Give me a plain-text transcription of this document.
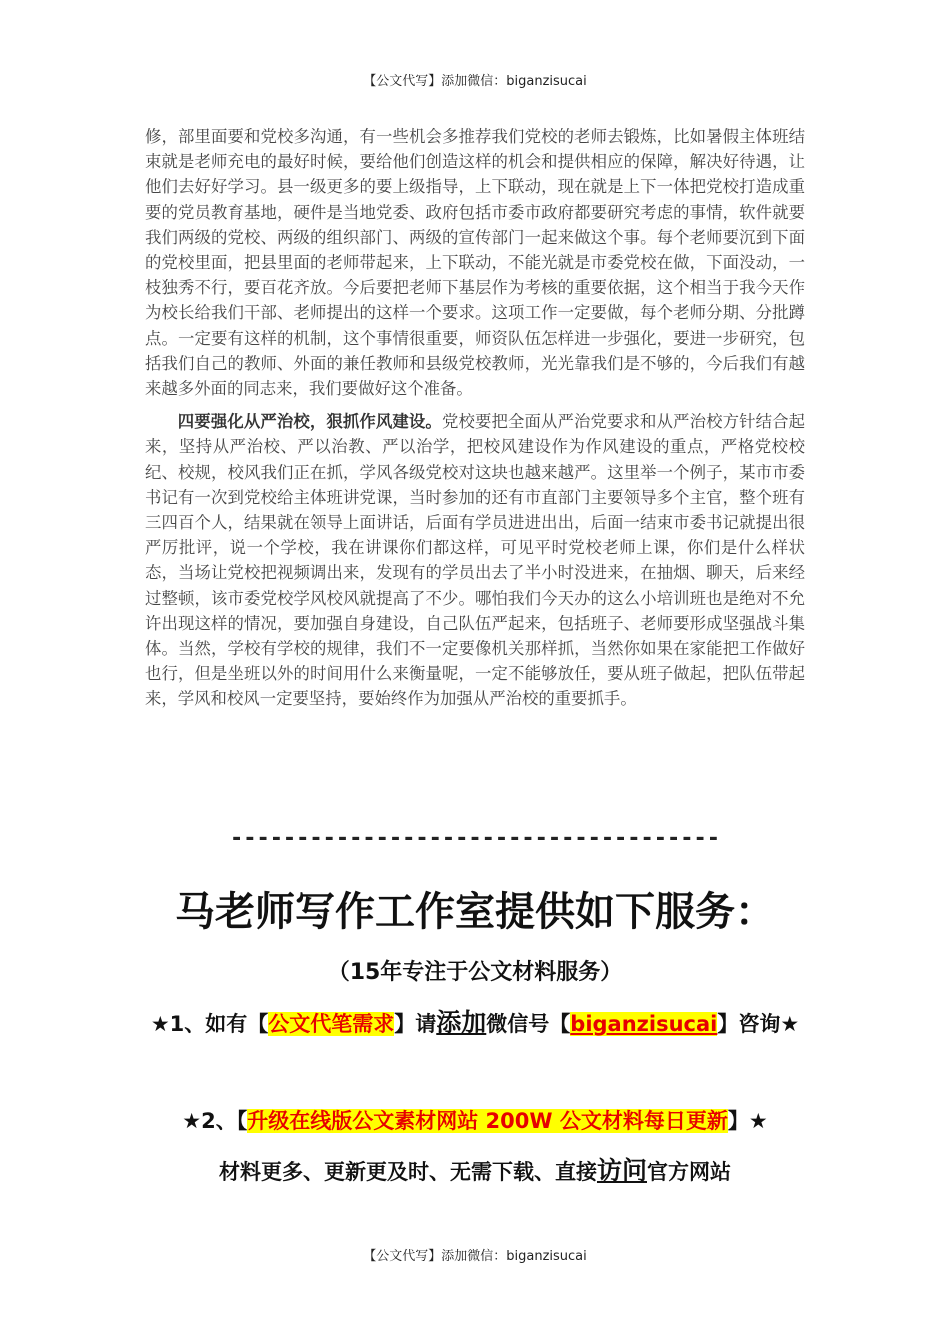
【公文代写】添加微信：biganzisucai

修，部里面要和党校多沟通，有一些机会多推荐我们党校的老师去锻炼，比如暑假主体班结束就是老师充电的最好时候，要给他们创造这样的机会和提供相应的保障，解决好待遇，让他们去好好学习。县一级更多的要上级指导，上下联动，现在就是上下一体把党校打造成重要的党员教育基地，硬件是当地党委、政府包括市委市政府都要研究考虑的事情，软件就要我们两级的党校、两级的组织部门、两级的宣传部门一起来做这个事。每个老师要沉到下面的党校里面，把县里面的老师带起来，上下联动，不能光就是市委党校在做，下面没动，一枝独秀不行，要百花齐放。今后要把老师下基层作为考核的重要依据，这个相当于我今天作为校长给我们干部、老师提出的这样一个要求。这项工作一定要做，每个老师分期、分批蹲点。一定要有这样的机制，这个事情很重要，师资队伍怎样进一步强化，要进一步研究，包括我们自己的教师、外面的兼任教师和县级党校教师，光光靠我们是不够的，今后我们有越来越多外面的同志来，我们要做好这个准备。

四要强化从严治校，狠抓作风建设。党校要把全面从严治党要求和从严治校方针结合起来，坚持从严治校、严以治教、严以治学，把校风建设作为作风建设的重点，严格党校校纪、校规，校风我们正在抓，学风各级党校对这块也越来越严。这里举一个例子，某市市委书记有一次到党校给主体班讲党课，当时参加的还有市直部门主要领导多个主官，整个班有三四百个人，结果就在领导上面讲话，后面有学员进进出出，后面一结束市委书记就提出很严厉批评，说一个学校，我在讲课你们都这样，可见平时党校老师上课，你们是什么样状态，当场让党校把视频调出来，发现有的学员出去了半小时没进来，在抽烟、聊天，后来经过整顿，该市委党校学风校风就提高了不少。哪怕我们今天办的这么小培训班也是绝对不允许出现这样的情况，要加强自身建设，自己队伍严起来，包括班子、老师要形成坚强战斗集体。当然，学校有学校的规律，我们不一定要像机关那样抓，当然你如果在家能把工作做好也行，但是坐班以外的时间用什么来衡量呢，一定不能够放任，要从班子做起，把队伍带起来，学风和校风一定要坚持，要始终作为加强从严治校的重要抓手。

-------------------------------------
马老师写作工作室提供如下服务：
（15年专注于公文材料服务）
★1、如有【公文代笔需求】请添加微信号【biganzisucai】咨询★
★2、【升级在线版公文素材网站 200W 公文材料每日更新】★
材料更多、更新更及时、无需下载、直接访问官方网站
【公文代写】添加微信：biganzisucai
